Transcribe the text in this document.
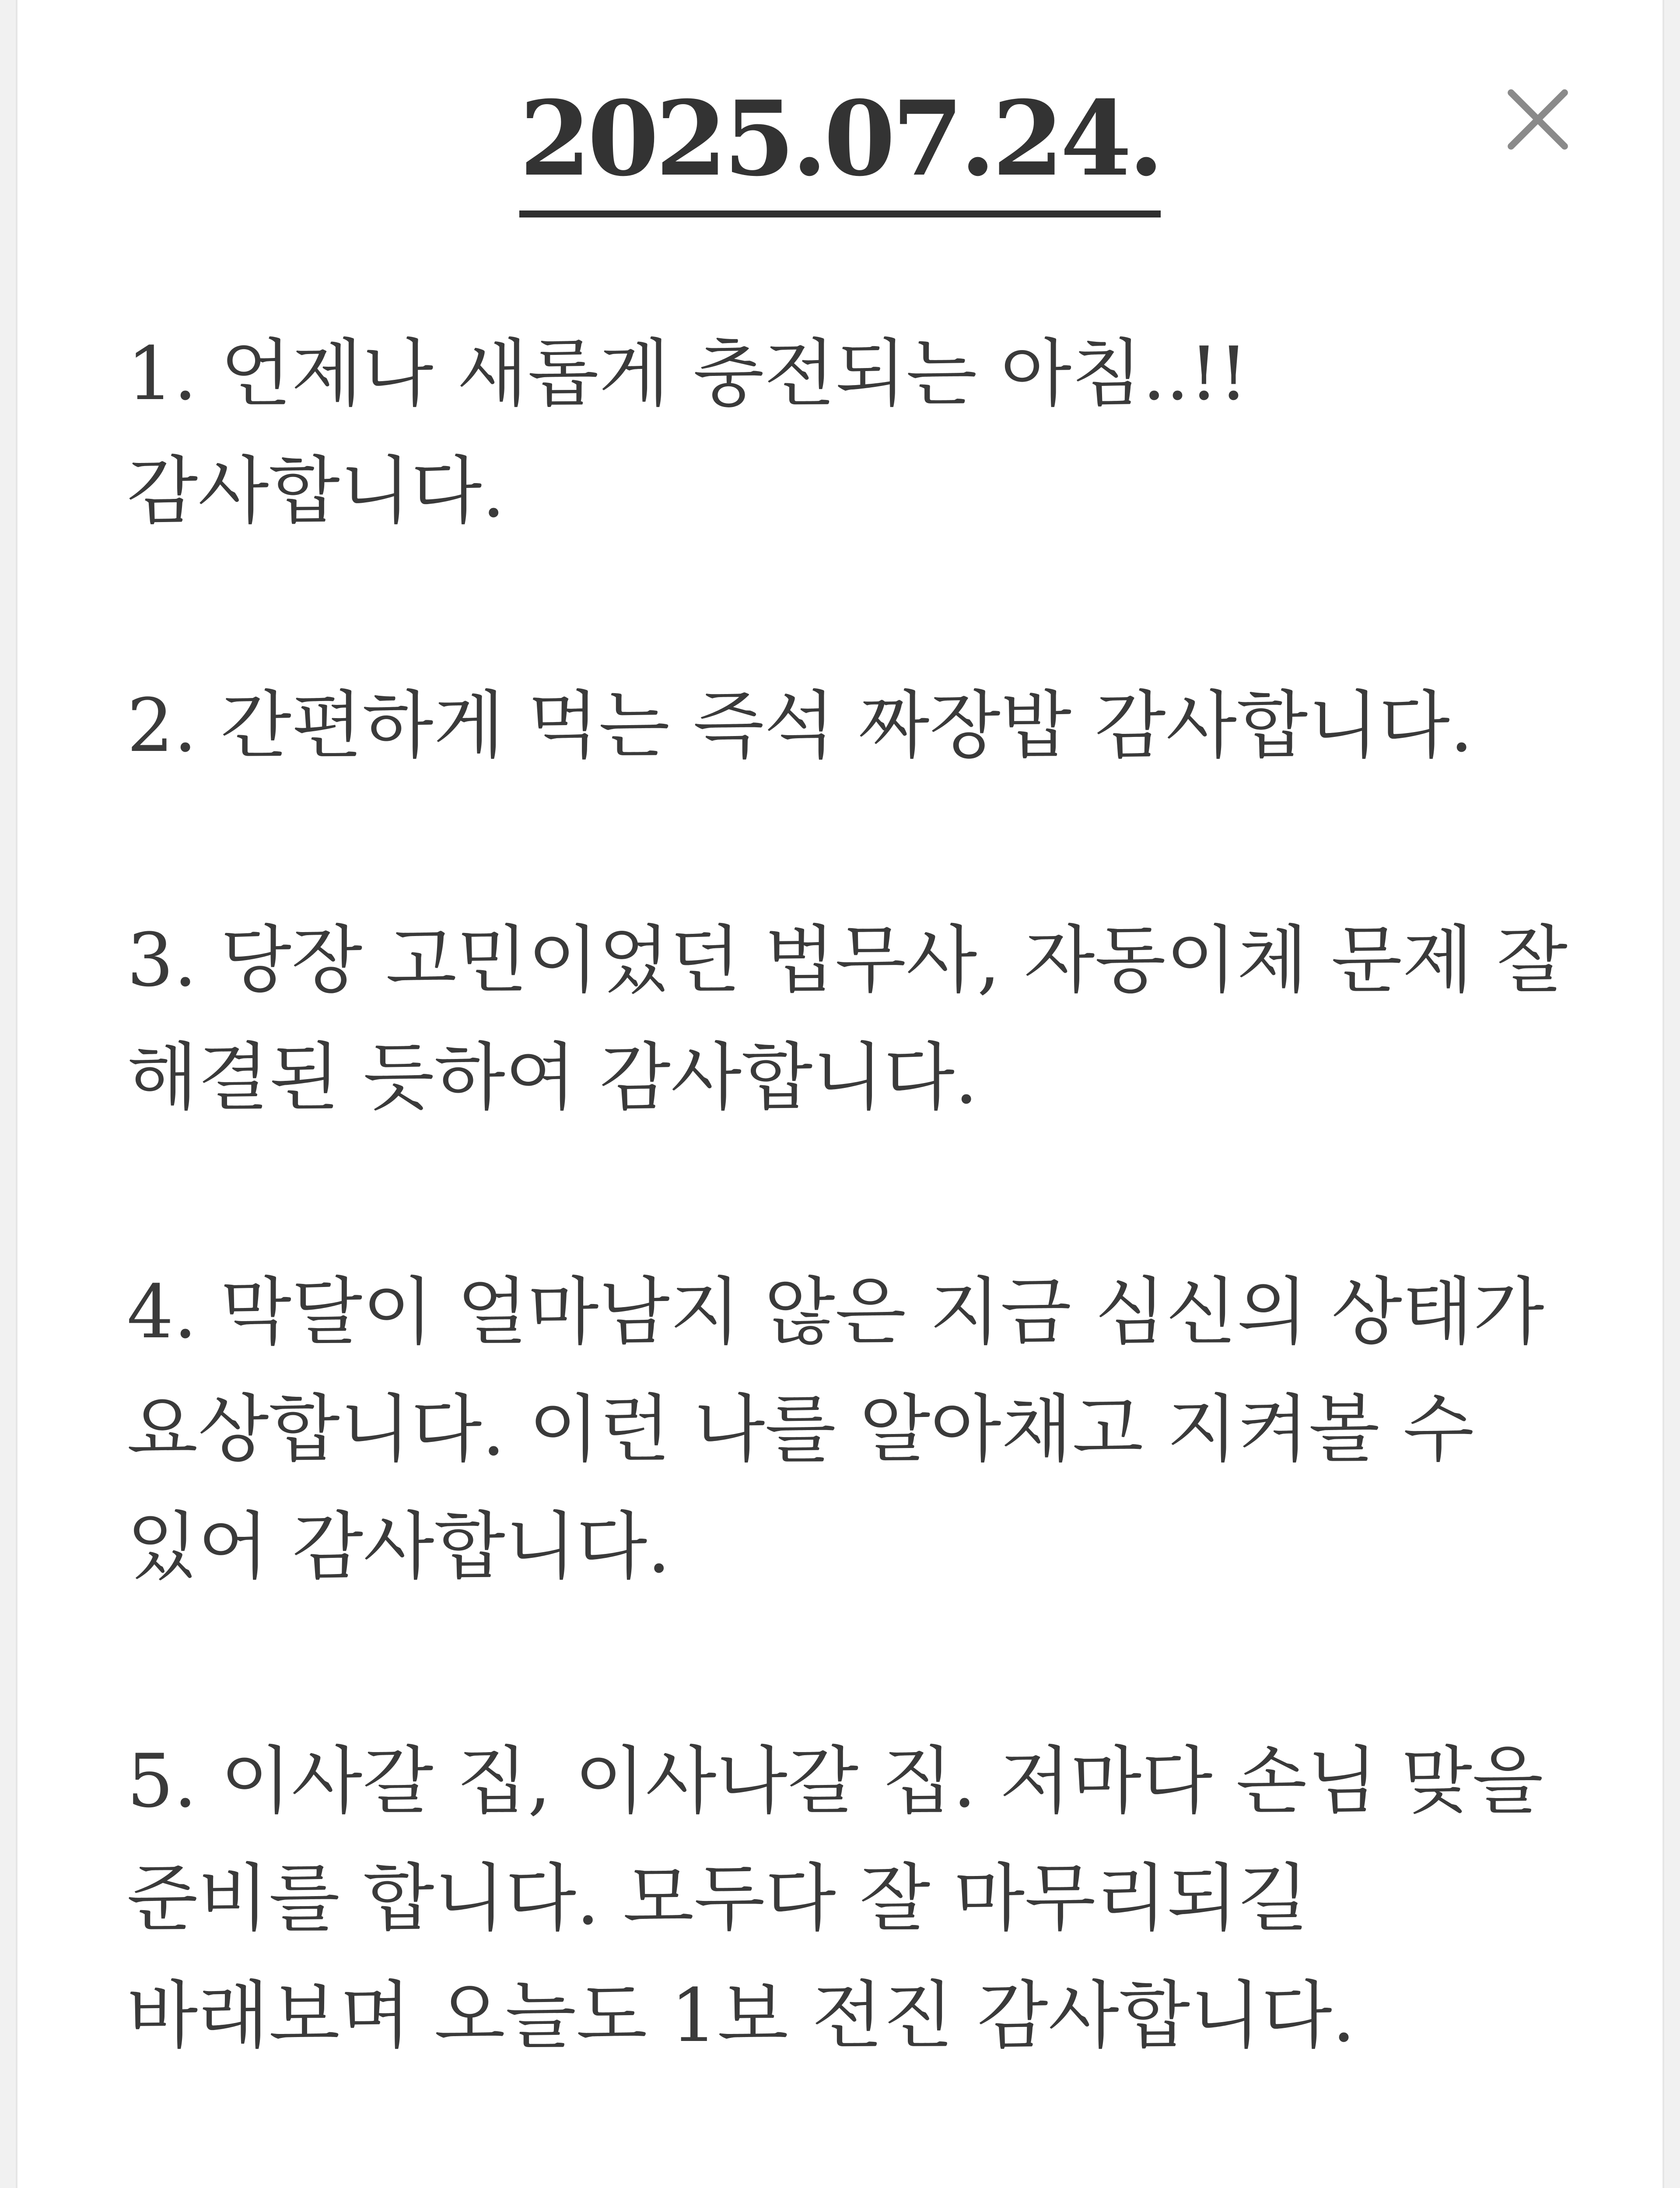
2025.07.24.

1. 언제나 새롭게 충전되는 아침..!! 감사합니다.

2. 간편하게 먹는 즉석 짜장밥 감사합니다.

3. 당장 고민이었던 법무사, 자동이체 문제 잘 해결된 듯하여 감사합니다.

4. 막달이 얼마남지 않은 지금 심신의 상태가 요상합니다. 이런 나를 알아채고 지켜볼 수 있어 감사합니다.

5. 이사갈 집, 이사나갈 집. 저마다 손님 맞을 준비를 합니다. 모두다 잘 마무리되길 바래보며 오늘도 1보 전진 감사합니다.
